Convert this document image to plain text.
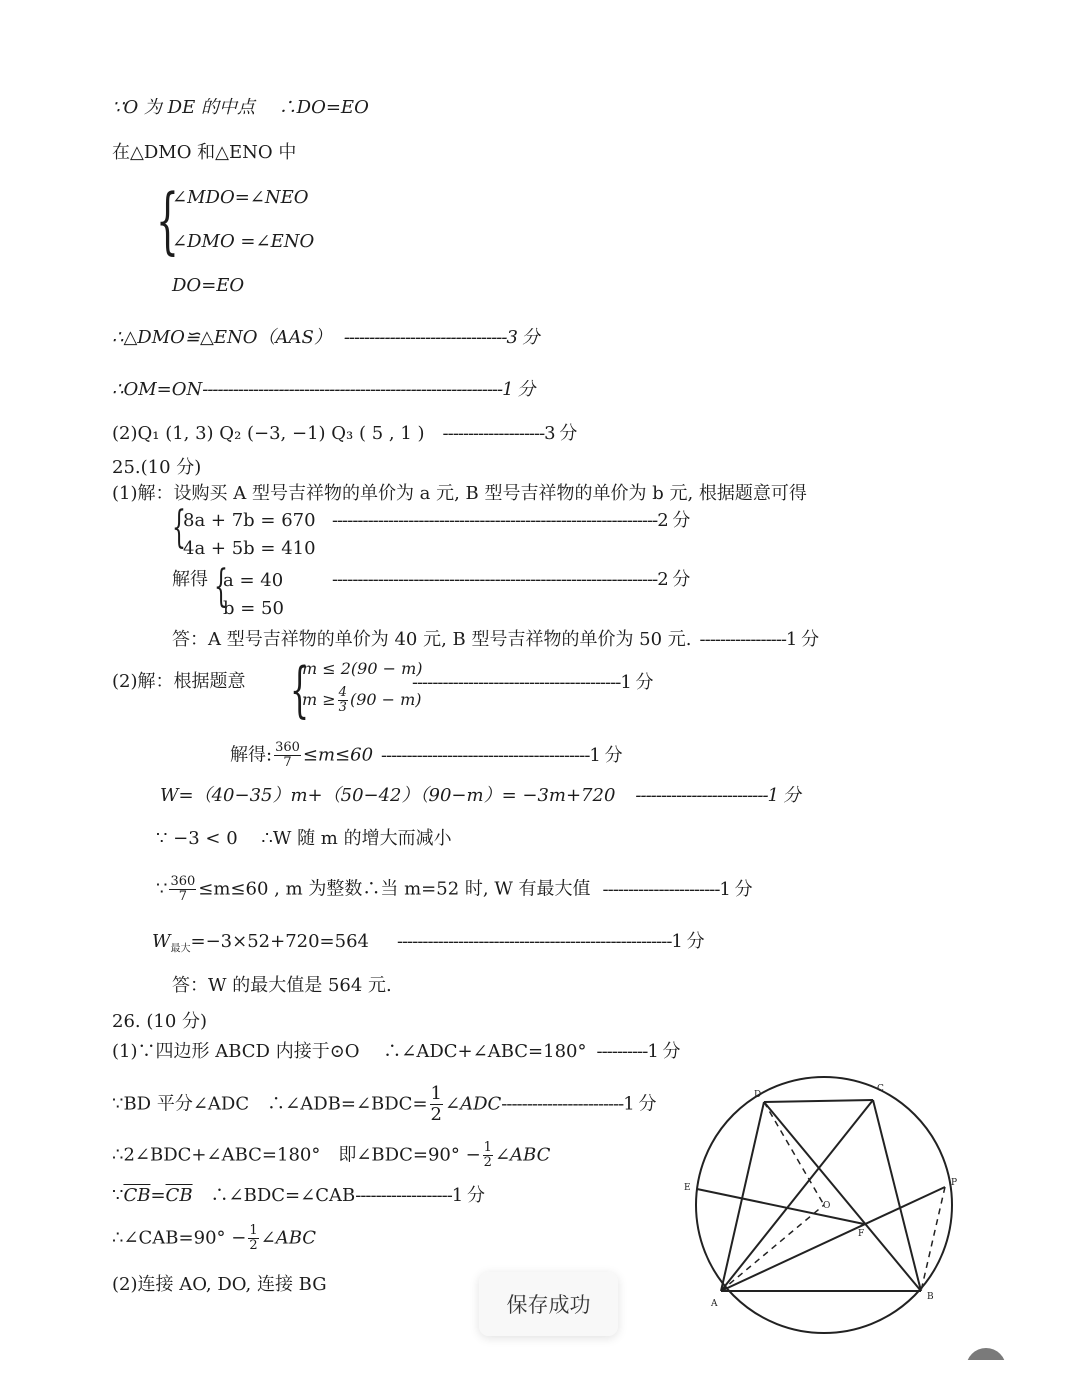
∵O 为 DE 的中点　 ∴DO=EO
在△DMO 和△ENO 中
{
∠MDO=∠NEO
∠DMO =∠ENO
DO=EO
∴△DMO≌△ENO（AAS） --------------------------------3 分
∴OM=ON-----------------------------------------------------------1 分
(2)Q₁ (1, 3) Q₂ (−3, −1) Q₃ ( 5 , 1 ) --------------------3 分
25.(10 分)
(1)解：设购买 A 型号吉祥物的单价为 a 元, B 型号吉祥物的单价为 b 元, 根据题意可得
{
8a + 7b = 670 ----------------------------------------------------------------2 分
4a + 5b = 410
解得 {
a = 40
b = 50
----------------------------------------------------------------2 分
答：A 型号吉祥物的单价为 40 元, B 型号吉祥物的单价为 50 元. -----------------1 分
(2)解：根据题意 {
m ≤ 2(90 − m)
$m \ge \frac{4}{3} (90 - m)$
-----------------------------------------1 分
解得: $\frac{360}{7} \le m\le 60$ -----------------------------------------1 分
W=（40−35）m+（50−42）（90−m）= −3m+720 --------------------------1 分
∵ −3 < 0　 ∴W 随 m 的增大而减小
∵ $\frac{360}{7} \le m\le 60$ , m 为整数∴当 m=52 时, W 有最大值 -----------------------1 分
$W_{最大}=-3\times 52+720=564$ ------------------------------------------------------1 分
答：W 的最大值是 564 元.
26. (10 分)
(1)∵四边形 ABCD 内接于⊙O　 ∴∠ADC+∠ABC=180° ----------1 分
∵BD 平分∠ADC　∴∠ADB=∠BDC= $\frac{1}{2}$ ∠ADC------------------------1 分
∴2∠BDC+∠ABC=180°　即∠BDC=90° − $\frac{1}{2}$ ∠ABC
$\because\overline{CB}=\overline{CB}$　∴∠BDC=∠CAB-------------------1 分
∴∠CAB=90° − $\frac{1}{2}$ ∠ABC
(2)连接 AO, DO, 连接 BG
D
C
E	P
O
F
A
B
保存成功
